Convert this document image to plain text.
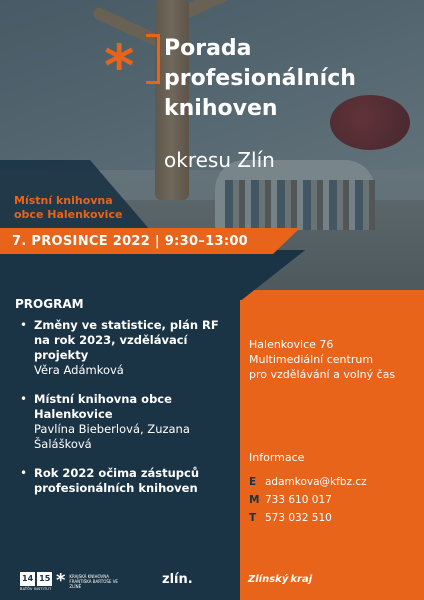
*	Porada
profesionálních
knihoven
okresu Zlín
Místní knihovna
obce Halenkovice
7. PROSINCE 2022 | 9:30–13:00
PROGRAM
• Změny ve statistice, plán RF na rok 2023, vzdělávací projekty
Věra Adámková
• Místní knihovna obce Halenkovice
Pavlína Bieberlová, Zuzana Šalášková
• Rok 2022 očima zástupců profesionálních knihoven
Halenkovice 76
Multimediální centrum
pro vzdělávání a volný čas
Informace
E adamkova@kfbz.cz
M 733 610 017
T 573 032 510
14 15
BAŤŮV INSTITUT * KRAJSKÁ KNIHOVNA FRANTIŠKA BARTOŠE VE ZLÍNĚ	zlín.	Zlínský kraj
